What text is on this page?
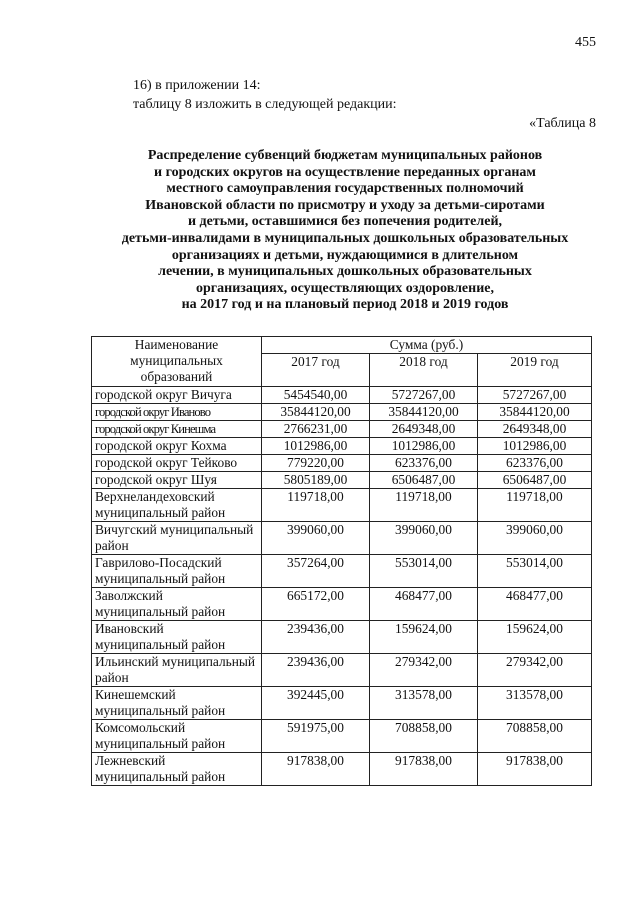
455
16) в приложении 14:
таблицу 8 изложить в следующей редакции:
«Таблица 8
Распределение субвенций бюджетам муниципальных районов
и городских округов на осуществление переданных органам
местного самоуправления государственных полномочий
Ивановской области по присмотру и уходу за детьми-сиротами
и детьми, оставшимися без попечения родителей,
детьми-инвалидами в муниципальных дошкольных образовательных
организациях и детьми, нуждающимися в длительном
лечении, в муниципальных дошкольных образовательных
организациях, осуществляющих оздоровление,
на 2017 год и на плановый период 2018 и 2019 годов
Наименование муниципальных образований	Сумма (руб.)		
	2017 год	2018 год	2019 год
городской округ Вичуга	5454540,00	5727267,00	5727267,00
городской округ Иваново	35844120,00	35844120,00	35844120,00
городской округ Кинешма	2766231,00	2649348,00	2649348,00
городской округ Кохма	1012986,00	1012986,00	1012986,00
городской округ Тейково	779220,00	623376,00	623376,00
городской округ Шуя	5805189,00	6506487,00	6506487,00
Верхнеландеховский муниципальный район	119718,00	119718,00	119718,00
Вичугский муниципальный район	399060,00	399060,00	399060,00
Гаврилово-Посадский муниципальный район	357264,00	553014,00	553014,00
Заволжский муниципальный район	665172,00	468477,00	468477,00
Ивановский муниципальный район	239436,00	159624,00	159624,00
Ильинский муниципальный район	239436,00	279342,00	279342,00
Кинешемский муниципальный район	392445,00	313578,00	313578,00
Комсомольский муниципальный район	591975,00	708858,00	708858,00
Лежневский муниципальный район	917838,00	917838,00	917838,00
